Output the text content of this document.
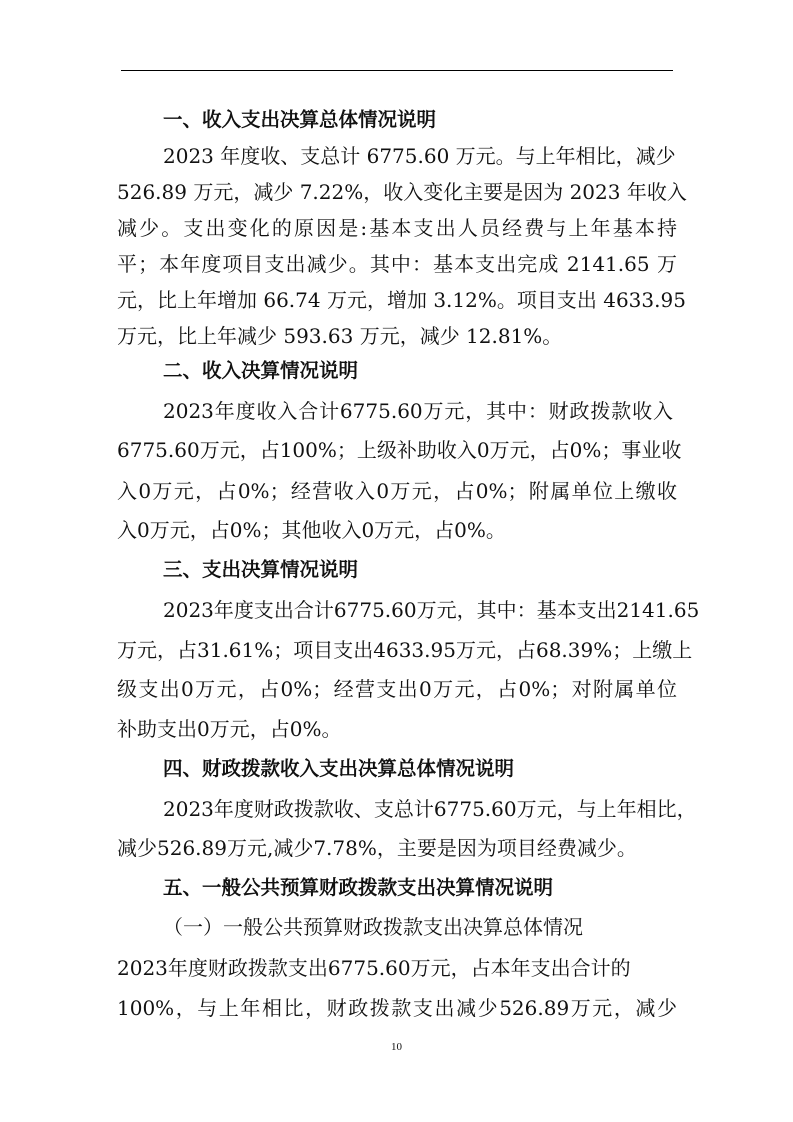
一、收入支出决算总体情况说明
2023 年度收、支总计 6775.60 万元。与上年相比，减少
526.89 万元，减少 7.22%，收入变化主要是因为 2023 年收入
减少。支出变化的原因是:基本支出人员经费与上年基本持
平；本年度项目支出减少。其中：基本支出完成 2141.65 万
元，比上年增加 66.74 万元，增加 3.12%。项目支出 4633.95
万元，比上年减少 593.63 万元，减少 12.81%。
二、收入决算情况说明
2023年度收入合计6775.60万元，其中：财政拨款收入
6775.60万元，占100%；上级补助收入0万元，占0%；事业收
入0万元，占0%；经营收入0万元，占0%；附属单位上缴收
入0万元，占0%；其他收入0万元，占0%。
三、支出决算情况说明
2023年度支出合计6775.60万元，其中：基本支出2141.65
万元，占31.61%；项目支出4633.95万元，占68.39%；上缴上
级支出0万元，占0%；经营支出0万元，占0%；对附属单位
补助支出0万元，占0%。
四、财政拨款收入支出决算总体情况说明
2023年度财政拨款收、支总计6775.60万元，与上年相比，
减少526.89万元,减少7.78%，主要是因为项目经费减少。
五、一般公共预算财政拨款支出决算情况说明
（一）一般公共预算财政拨款支出决算总体情况
2023年度财政拨款支出6775.60万元，占本年支出合计的
100%，与上年相比，财政拨款支出减少526.89万元，减少
10
